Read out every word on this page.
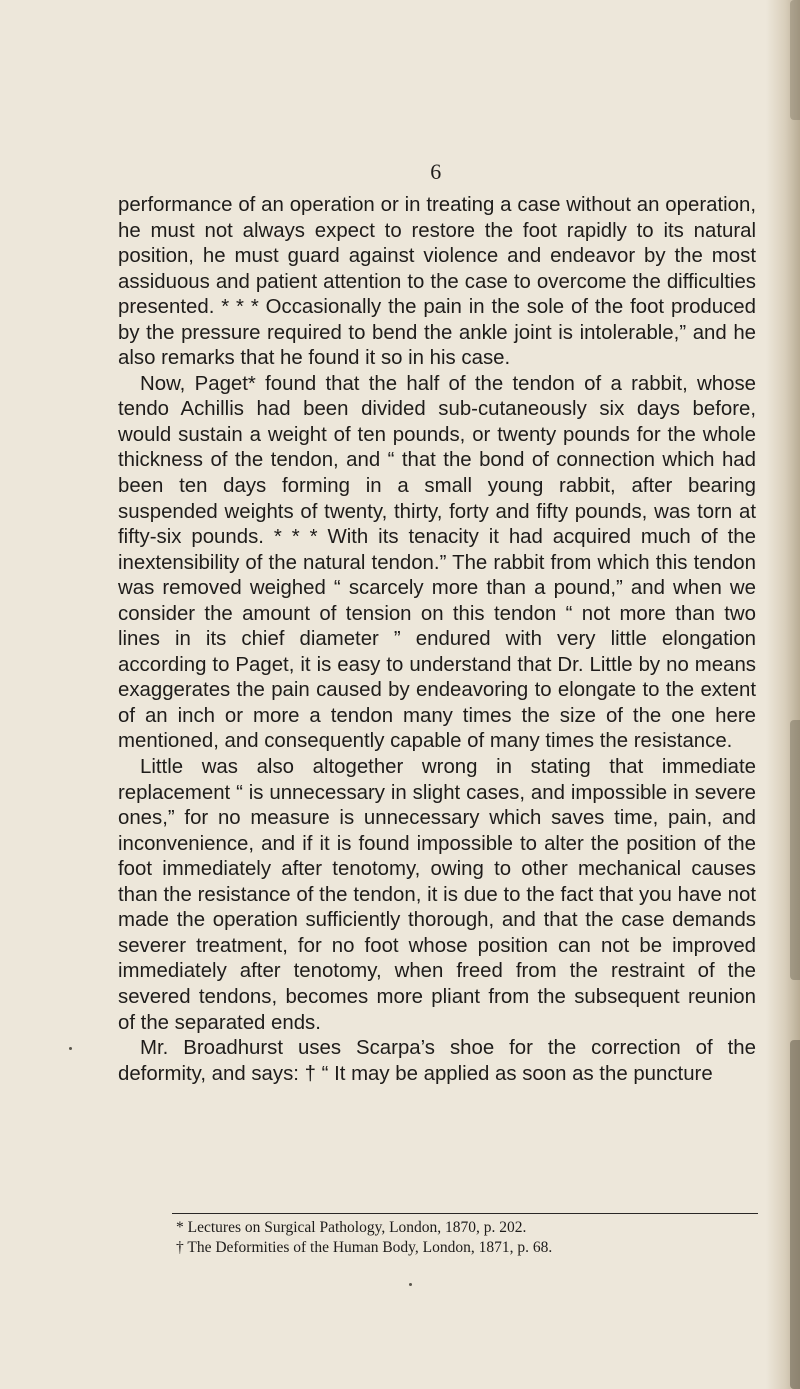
6

performance of an operation or in treating a case without an operation, he must not always expect to restore the foot rapidly to its natural position, he must guard against violence and endeavor by the most assiduous and patient attention to the case to overcome the difficulties presented. * * * Occasionally the pain in the sole of the foot produced by the pressure required to bend the ankle joint is intolerable,” and he also remarks that he found it so in his case.

Now, Paget* found that the half of the tendon of a rabbit, whose tendo Achillis had been divided sub-cutaneously six days before, would sustain a weight of ten pounds, or twenty pounds for the whole thickness of the tendon, and “ that the bond of connection which had been ten days forming in a small young rabbit, after bearing suspended weights of twenty, thirty, forty and fifty pounds, was torn at fifty-six pounds. * * * With its tenacity it had acquired much of the inextensibility of the natural tendon.” The rabbit from which this tendon was removed weighed “ scarcely more than a pound,” and when we consider the amount of tension on this tendon “ not more than two lines in its chief diameter ” endured with very little elongation according to Paget, it is easy to understand that Dr. Little by no means exaggerates the pain caused by endeavoring to elongate to the extent of an inch or more a tendon many times the size of the one here mentioned, and consequently capable of many times the resistance.

Little was also altogether wrong in stating that immediate replacement “ is unnecessary in slight cases, and impossible in severe ones,” for no measure is unnecessary which saves time, pain, and inconvenience, and if it is found impossible to alter the position of the foot immediately after tenotomy, owing to other mechanical causes than the resistance of the tendon, it is due to the fact that you have not made the operation sufficiently thorough, and that the case demands severer treatment, for no foot whose position can not be improved immediately after tenotomy, when freed from the restraint of the severed tendons, becomes more pliant from the subsequent reunion of the separated ends.

Mr. Broadhurst uses Scarpa’s shoe for the correction of the deformity, and says: † “ It may be applied as soon as the puncture

* Lectures on Surgical Pathology, London, 1870, p. 202.
† The Deformities of the Human Body, London, 1871, p. 68.
